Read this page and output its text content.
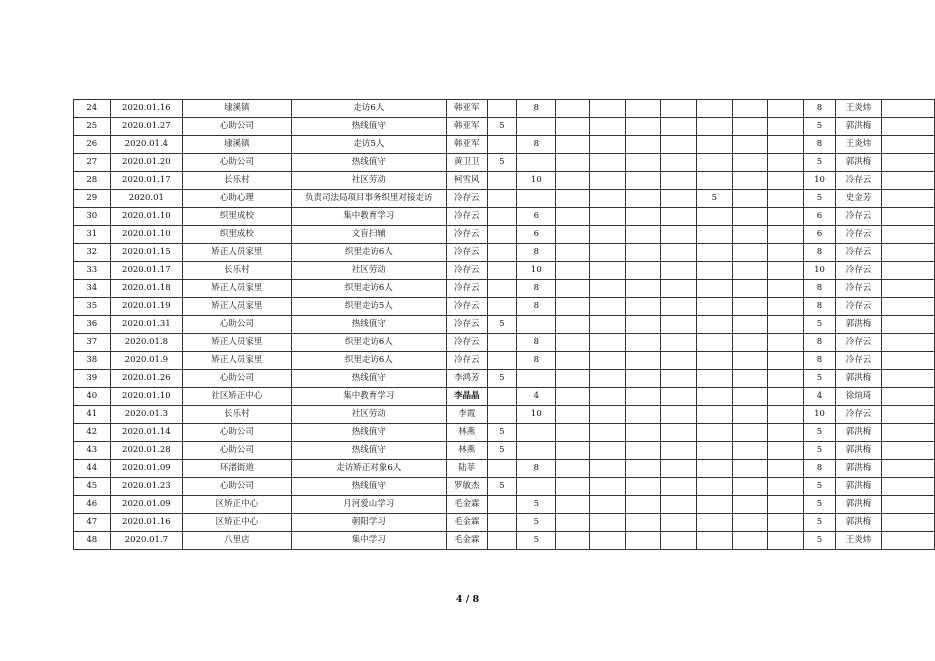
24	2020.01.16	埭溪镇	走访6人	韩亚军		8								8	王炎炜	
25	2020.01.27	心助公司	热线值守	韩亚军	5									5	郭洪梅	
26	2020.01.4	埭溪镇	走访5人	韩亚军		8								8	王炎炜	
27	2020.01.20	心助公司	热线值守	黄卫卫	5									5	郭洪梅	
28	2020.01.17	长乐村	社区劳动	柯雪风		10								10	冷存云	
29	2020.01	心助心理	负责司法局项目事务织里对接走访	冷存云							5			5	史金芳	
30	2020.01.10	织里成校	集中教育学习	冷存云		6								6	冷存云	
31	2020.01.10	织里成校	文盲扫辅	冷存云		6								6	冷存云	
32	2020.01.15	矫正人员家里	织里走访6人	冷存云		8								8	冷存云	
33	2020.01.17	长乐村	社区劳动	冷存云		10								10	冷存云	
34	2020.01.18	矫正人员家里	织里走访6人	冷存云		8								8	冷存云	
35	2020.01.19	矫正人员家里	织里走访5人	冷存云		8								8	冷存云	
36	2020.01.31	心助公司	热线值守	冷存云	5									5	郭洪梅	
37	2020.01.8	矫正人员家里	织里走访6人	冷存云		8								8	冷存云	
38	2020.01.9	矫正人员家里	织里走访6人	冷存云		8								8	冷存云	
39	2020.01.26	心助公司	热线值守	李鸿芳	5									5	郭洪梅	
40	2020.01.10	社区矫正中心	集中教育学习	李晶晶		4								4	徐煊琦	
41	2020.01.3	长乐村	社区劳动	李霞		10								10	冷存云	
42	2020.01.14	心助公司	热线值守	林燕	5									5	郭洪梅	
43	2020.01.28	心助公司	热线值守	林燕	5									5	郭洪梅	
44	2020.01.09	环渚街道	走访矫正对象6人	陆菲		8								8	郭洪梅	
45	2020.01.23	心助公司	热线值守	罗敏杰	5									5	郭洪梅	
46	2020.01.09	区矫正中心	月河爱山学习	毛金霖		5								5	郭洪梅	
47	2020.01.16	区矫正中心	朝阳学习	毛金霖		5								5	郭洪梅	
48	2020.01.7	八里店	集中学习	毛金霖		5								5	王炎炜	
4 / 8
